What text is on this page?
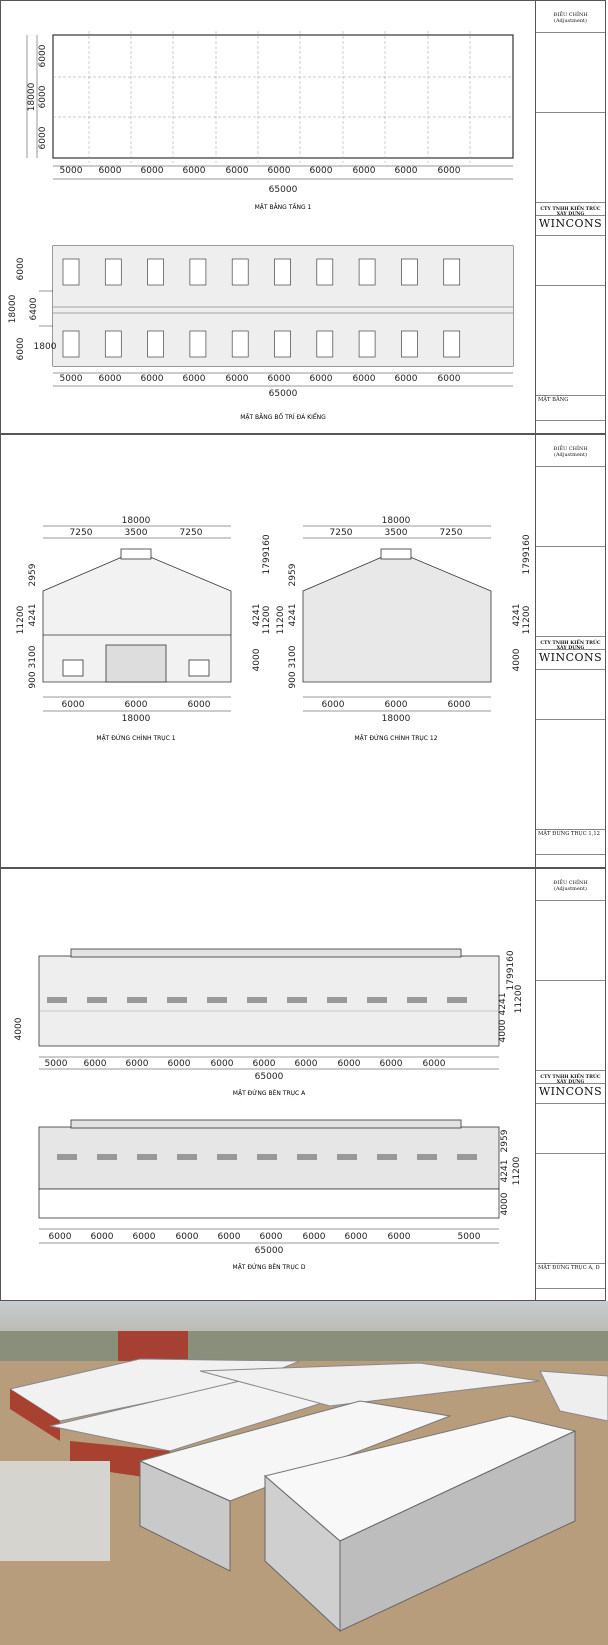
5000 6000 6000 6000 6000 6000 6000 6000 6000 6000
65000
6000
6000
6000
18000
MẶT BẰNG TẦNG 1
5000 6000 6000 6000 6000 6000 6000 6000 6000 6000
65000
6000
6000
6400
1800
18000
MẶT BẰNG BỐ TRÍ ĐÁ KIỂNG
ĐIỀU CHỈNH
(Adjustment)
CTY TNHH KIẾN TRÚC XÂY DỰNG
WINCONS
MẶT BẰNG
18000
7250	3500	7250
6000	6000	6000
18000
2959
4241
3100
900
11200
1799
160
4241
4000
11200
MẶT ĐỨNG CHÍNH TRỤC 1
18000
7250	3500	7250
6000	6000	6000
18000
2959
4241
3100
900
11200
1799
160
4241
4000
11200
MẶT ĐỨNG CHÍNH TRỤC 12
ĐIỀU CHỈNH
(Adjustment)
CTY TNHH KIẾN TRÚC XÂY DỰNG
WINCONS
MẶT ĐỨNG TRỤC 1,12
5000 6000 6000 6000 6000 6000 6000 6000 6000 6000
65000
4000
1799
160
4241
4000
11200
MẶT ĐỨNG BÊN TRỤC A
6000 6000 6000 6000 6000 6000 6000 6000 6000	5000
65000
2959
4241
4000
11200
MẶT ĐỨNG BÊN TRỤC D
ĐIỀU CHỈNH
(Adjustment)
CTY TNHH KIẾN TRÚC XÂY DỰNG
WINCONS
MẶT ĐỨNG TRỤC A, D
